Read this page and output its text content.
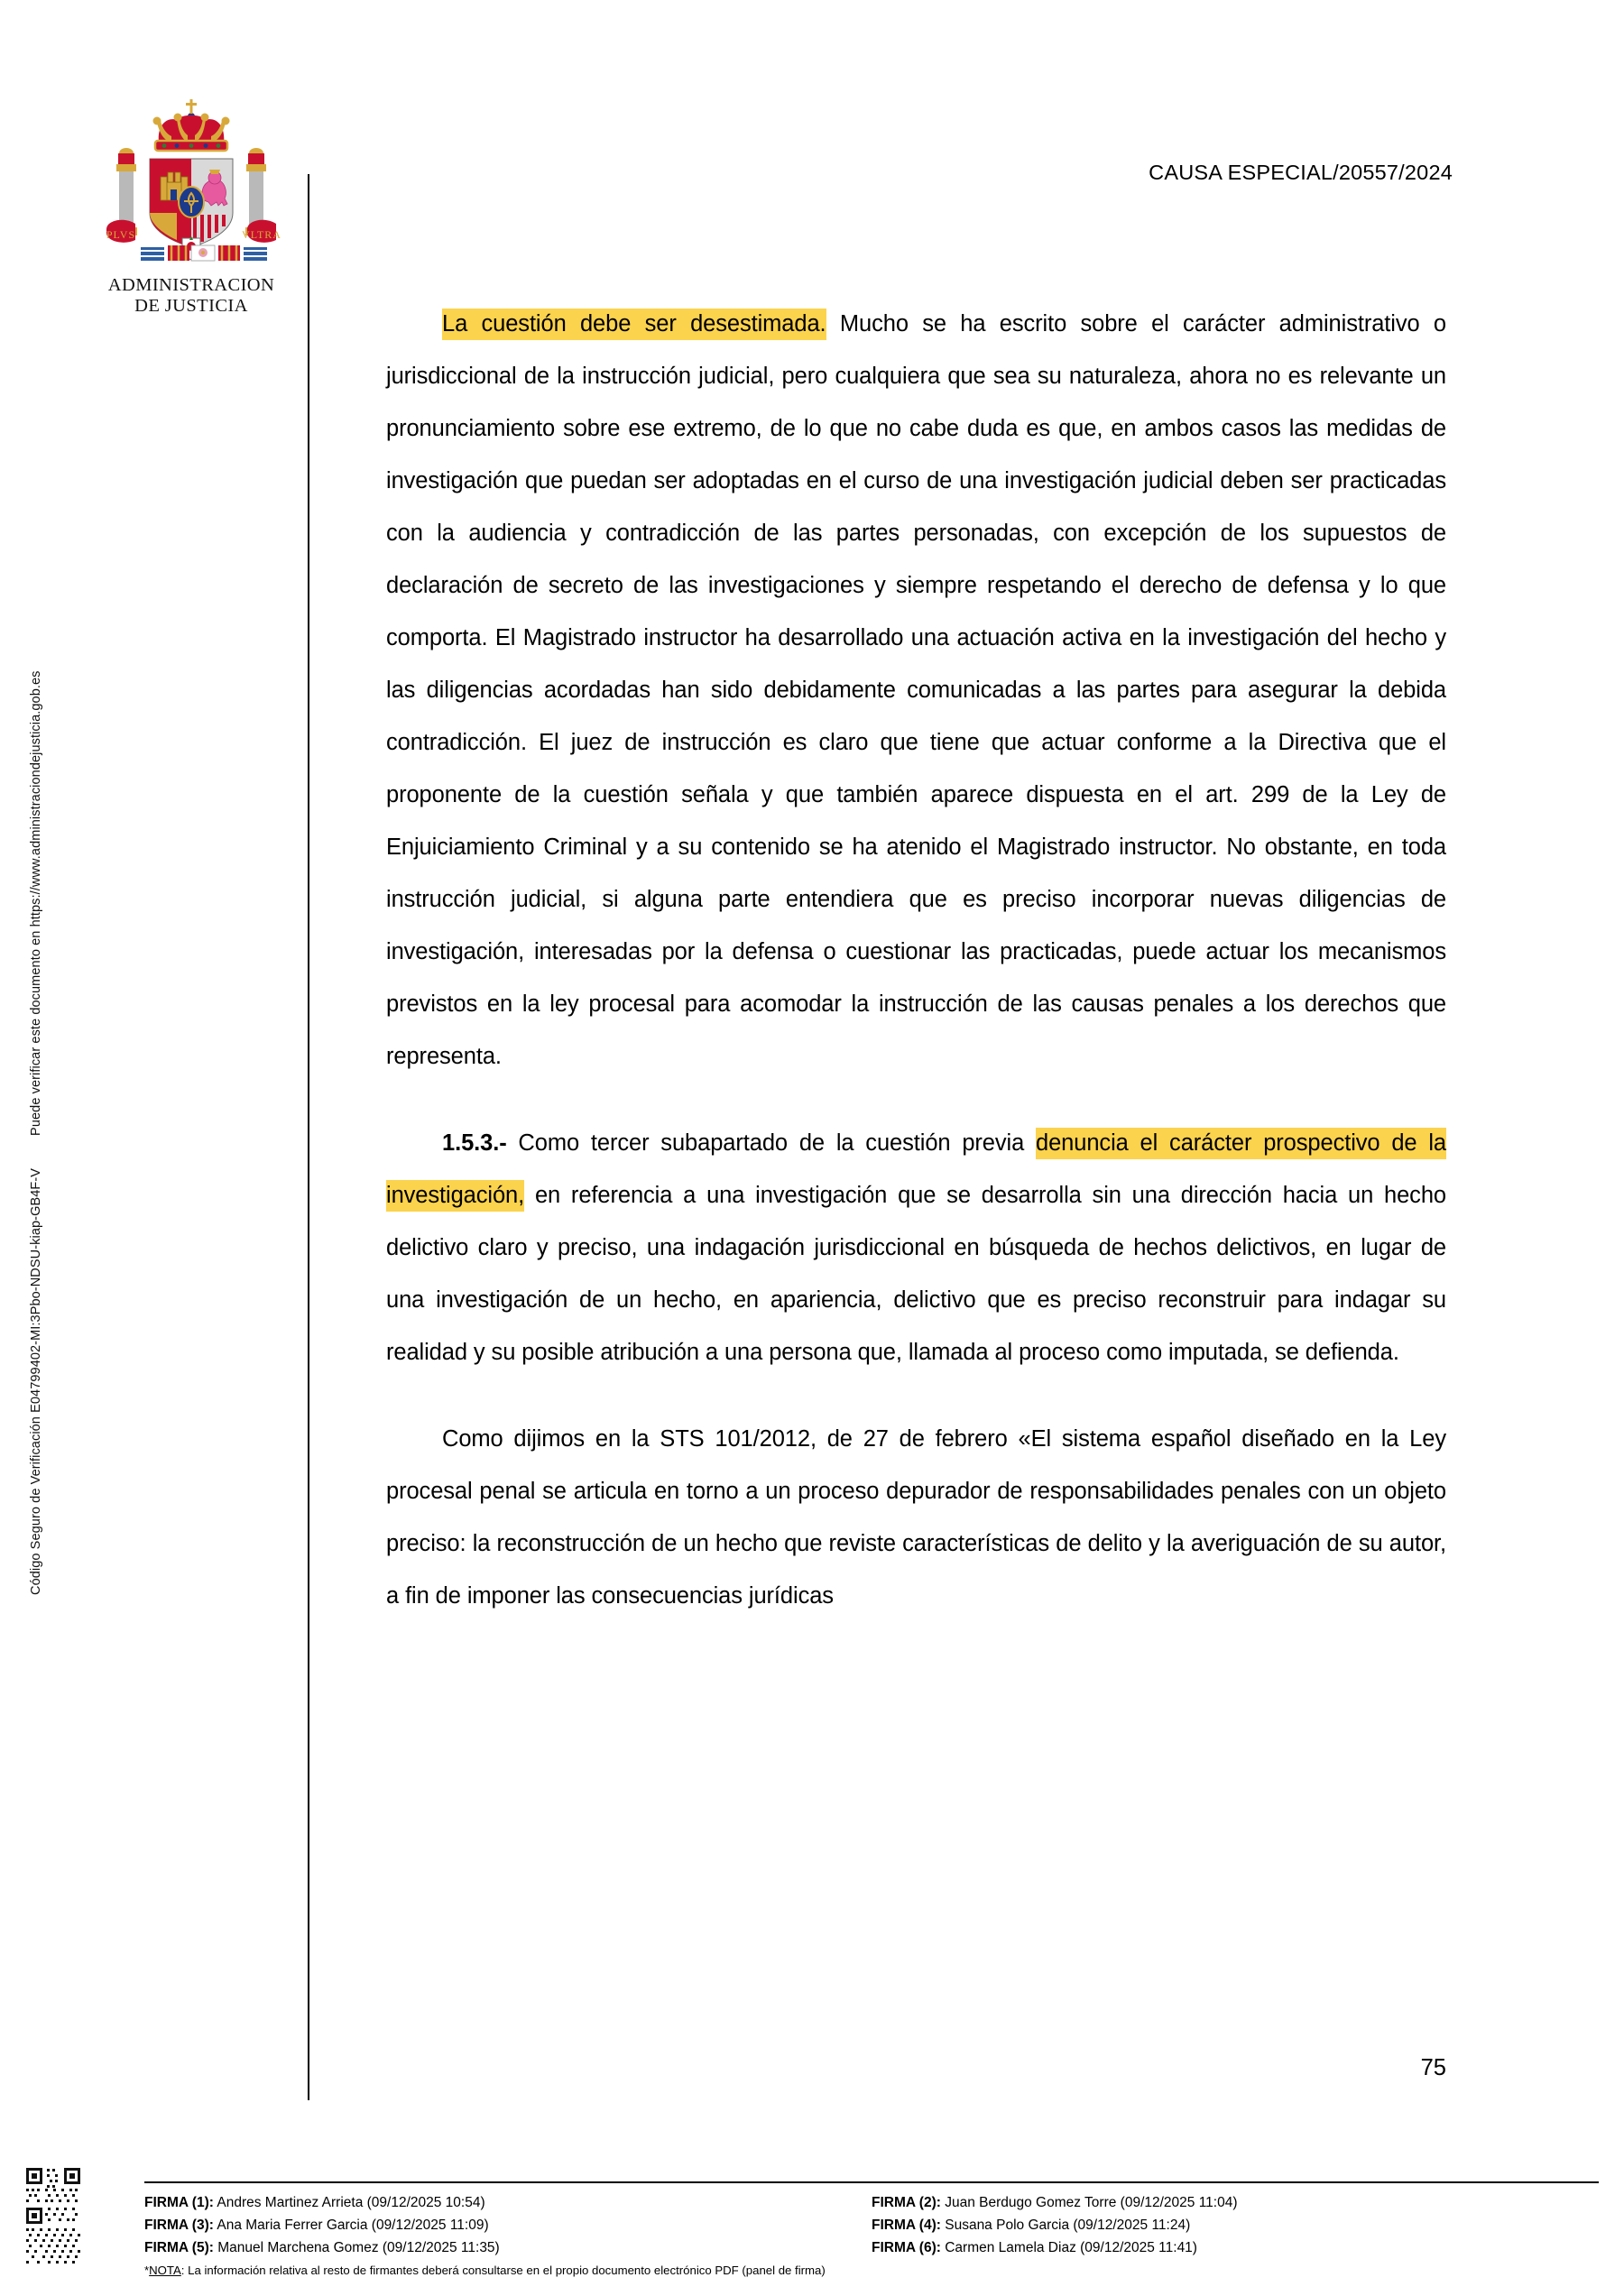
Código Seguro de Verificación E04799402-MI:3Pbo-NDSU-kiap-GB4F-VPuede verificar este documento en https://www.administraciondejusticia.gob.es
PLVS	VLTRA
ADMINISTRACION
DE JUSTICIA
CAUSA ESPECIAL/20557/2024

La cuestión debe ser desestimada. Mucho se ha escrito sobre el carácter administrativo o jurisdiccional de la instrucción judicial, pero cualquiera que sea su naturaleza, ahora no es relevante un pronunciamiento sobre ese extremo, de lo que no cabe duda es que, en ambos casos las medidas de investigación que puedan ser adoptadas en el curso de una investigación judicial deben ser practicadas con la audiencia y contradicción de las partes personadas, con excepción de los supuestos de declaración de secreto de las investigaciones y siempre respetando el derecho de defensa y lo que comporta. El Magistrado instructor ha desarrollado una actuación activa en la investigación del hecho y las diligencias acordadas han sido debidamente comunicadas a las partes para asegurar la debida contradicción. El juez de instrucción es claro que tiene que actuar conforme a la Directiva que el proponente de la cuestión señala y que también aparece dispuesta en el art. 299 de la Ley de Enjuiciamiento Criminal y a su contenido se ha atenido el Magistrado instructor. No obstante, en toda instrucción judicial, si alguna parte entendiera que es preciso incorporar nuevas diligencias de investigación, interesadas por la defensa o cuestionar las practicadas, puede actuar los mecanismos previstos en la ley procesal para acomodar la instrucción de las causas penales a los derechos que representa.

1.5.3.- Como tercer subapartado de la cuestión previa denuncia el carácter prospectivo de la investigación, en referencia a una investigación que se desarrolla sin una dirección hacia un hecho delictivo claro y preciso, una indagación jurisdiccional en búsqueda de hechos delictivos, en lugar de una investigación de un hecho, en apariencia, delictivo que es preciso reconstruir para indagar su realidad y su posible atribución a una persona que, llamada al proceso como imputada, se defienda.

Como dijimos en la STS 101/2012, de 27 de febrero «El sistema español diseñado en la Ley procesal penal se articula en torno a un proceso depurador de responsabilidades penales con un objeto preciso: la reconstrucción de un hecho que reviste características de delito y la averiguación de su autor, a fin de imponer las consecuencias jurídicas

75
FIRMA (1): Andres Martinez Arrieta (09/12/2025 10:54)
FIRMA (3): Ana Maria Ferrer Garcia (09/12/2025 11:09)
FIRMA (5): Manuel Marchena Gomez (09/12/2025 11:35)
FIRMA (2): Juan Berdugo Gomez Torre (09/12/2025 11:04)
FIRMA (4): Susana Polo Garcia (09/12/2025 11:24)
FIRMA (6): Carmen Lamela Diaz (09/12/2025 11:41)
*NOTA: La información relativa al resto de firmantes deberá consultarse en el propio documento electrónico PDF (panel de firma)
